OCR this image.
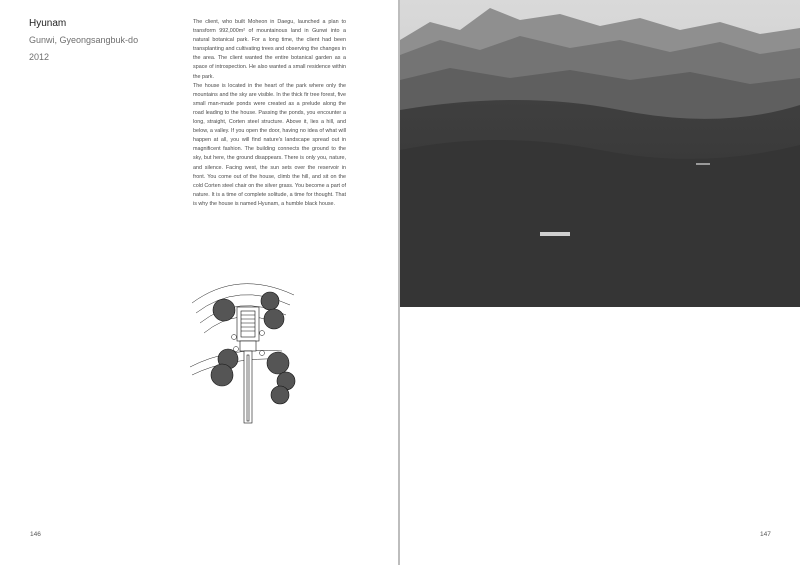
Hyunam
Gunwi, Gyeongsangbuk-do
2012

The client, who built Moheon in Daegu, launched a plan to transform 992,000m² of mountainous land in Gunwi into a natural botanical park. For a long time, the client had been transplanting and cultivating trees and observing the changes in the area. The client wanted the entire botanical garden as a space of introspection. He also wanted a small residence within the park.

The house is located in the heart of the park where only the mountains and the sky are visible. In the thick fir tree forest, five small man-made ponds were created as a prelude along the road leading to the house. Passing the ponds, you encounter a long, straight, Corten steel structure. Above it, lies a hill, and below, a valley. If you open the door, having no idea of what will happen at all, you will find nature's landscape spread out in magnificent fashion. The building connects the ground to the sky, but here, the ground disappears. There is only you, nature, and silence. Facing west, the sun sets over the reservoir in front. You come out of the house, climb the hill, and sit on the cold Corten steel chair on the silver grass. You become a part of nature. It is a time of complete solitude, a time for thought. That is why the house is named Hyunam, a humble black house.

146	147
